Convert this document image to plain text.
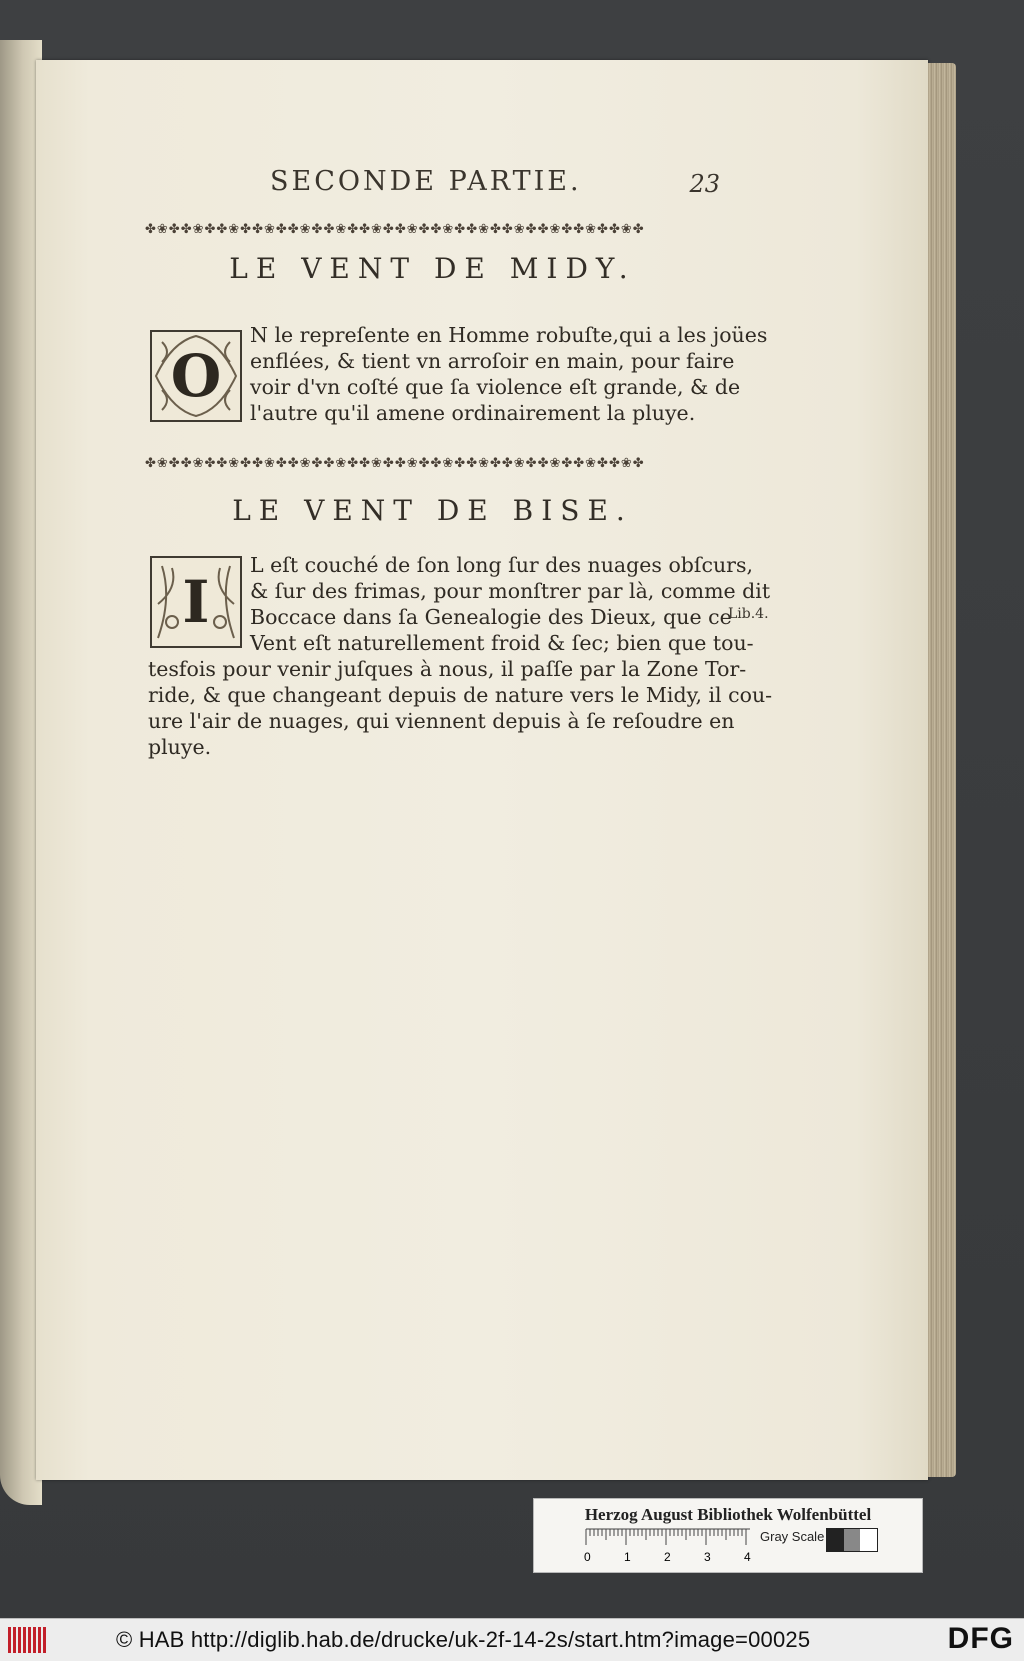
SECONDE PARTIE.	23
✤❀✤✤❀✤✤❀✤✤❀✤✤❀✤✤❀✤✤❀✤✤❀✤✤❀✤✤❀✤✤❀✤✤❀✤✤❀✤✤❀✤
LE VENT DE MIDY.
O
N le repreſente en Homme robuſte,qui a les joües
enflées, & tient vn arroſoir en main, pour faire
voir d'vn coſté que ſa violence eſt grande, & de
l'autre qu'il amene ordinairement la pluye.
✤❀✤✤❀✤✤❀✤✤❀✤✤❀✤✤❀✤✤❀✤✤❀✤✤❀✤✤❀✤✤❀✤✤❀✤✤❀✤✤❀✤
LE VENT DE BISE.
I
L eſt couché de ſon long ſur des nuages obſcurs,
& ſur des frimas, pour monſtrer par là, comme dit
Boccace dans ſa Genealogie des Dieux, que ce
Vent eſt naturellement froid & ſec; bien que tou-
tesfois pour venir juſques à nous, il paſſe par la Zone Tor-
ride, & que changeant depuis de nature vers le Midy, il cou-
ure l'air de nuages, qui viennent depuis à ſe reſoudre en
pluye.
Lib.4.
Herzog August Bibliothek Wolfenbüttel
0	1	2	3	4
Gray Scale
© HAB http://diglib.hab.de/drucke/uk-2f-14-2s/start.htm?image=00025	DFG
